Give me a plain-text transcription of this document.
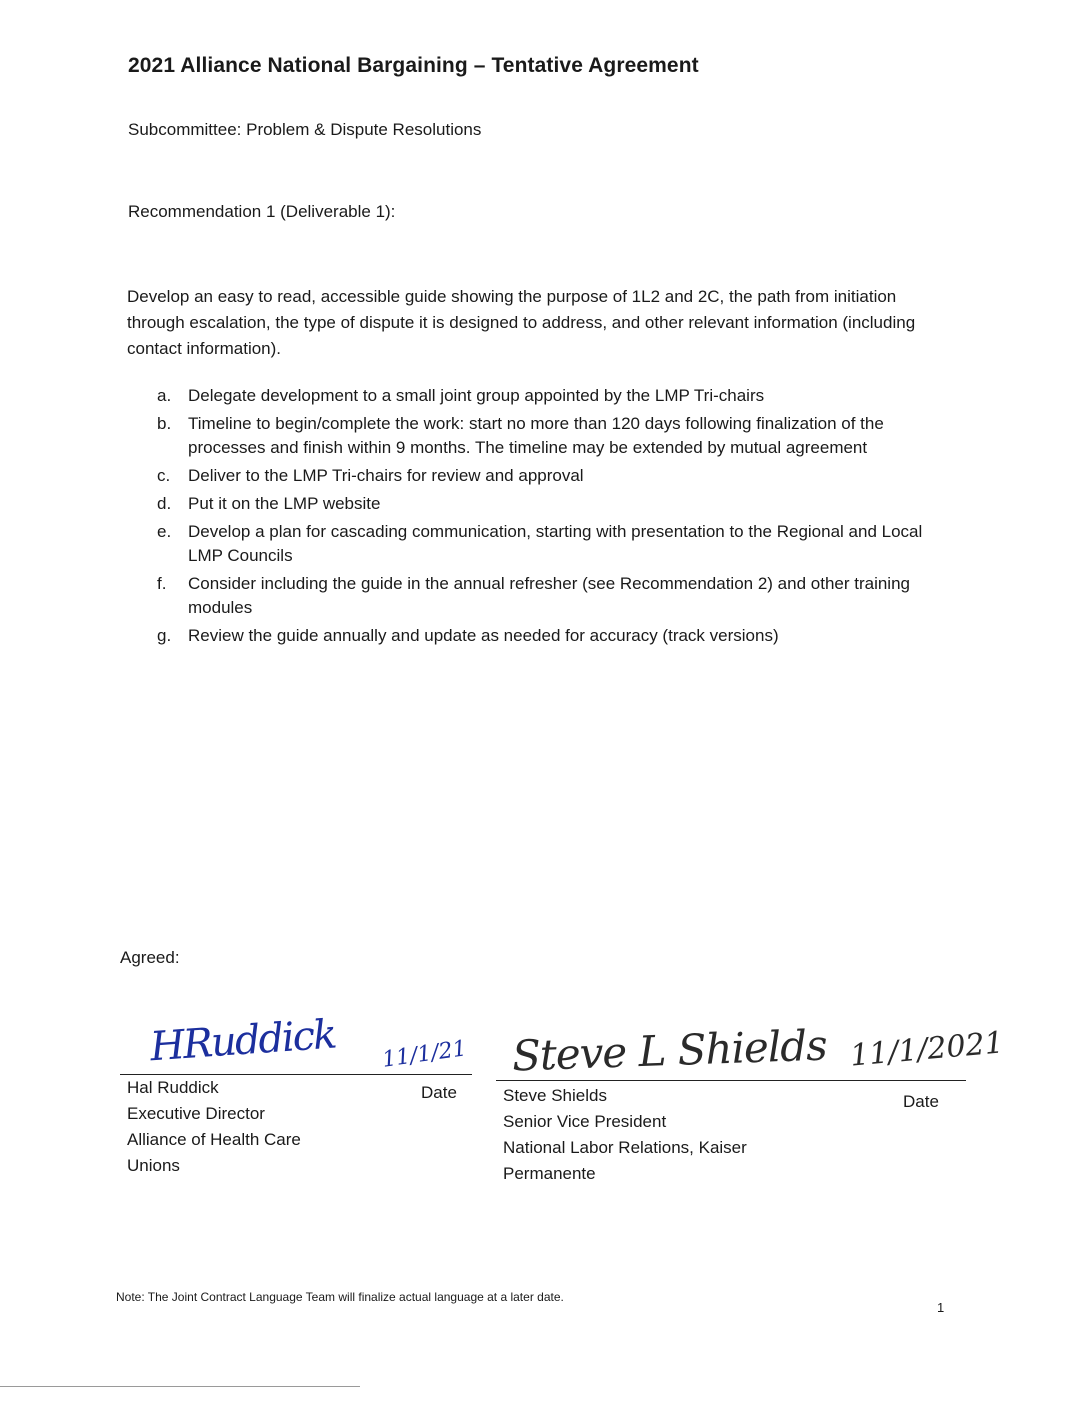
2021 Alliance National Bargaining – Tentative Agreement
Subcommittee: Problem & Dispute Resolutions
Recommendation 1 (Deliverable 1):
Develop an easy to read, accessible guide showing the purpose of 1L2 and 2C, the path from initiation through escalation, the type of dispute it is designed to address, and other relevant information (including contact information).
a. Delegate development to a small joint group appointed by the LMP Tri-chairs
b. Timeline to begin/complete the work: start no more than 120 days following finalization of the processes and finish within 9 months. The timeline may be extended by mutual agreement
c.	Deliver to the LMP Tri-chairs for review and approval
d. Put it on the LMP website
e. Develop a plan for cascading communication, starting with presentation to the Regional and Local LMP Councils
f.	Consider including the guide in the annual refresher (see Recommendation 2) and other training modules
g. Review the guide annually and update as needed for accuracy (track versions)
Agreed:
HRuddick 11/1/21
Hal Ruddick
Executive Director
Alliance of Health Care
Unions
Date
Steve L Shields 11/1/2021
Steve Shields
Senior Vice President
National Labor Relations, Kaiser
Permanente
Date
Note: The Joint Contract Language Team will finalize actual language at a later date.
1
